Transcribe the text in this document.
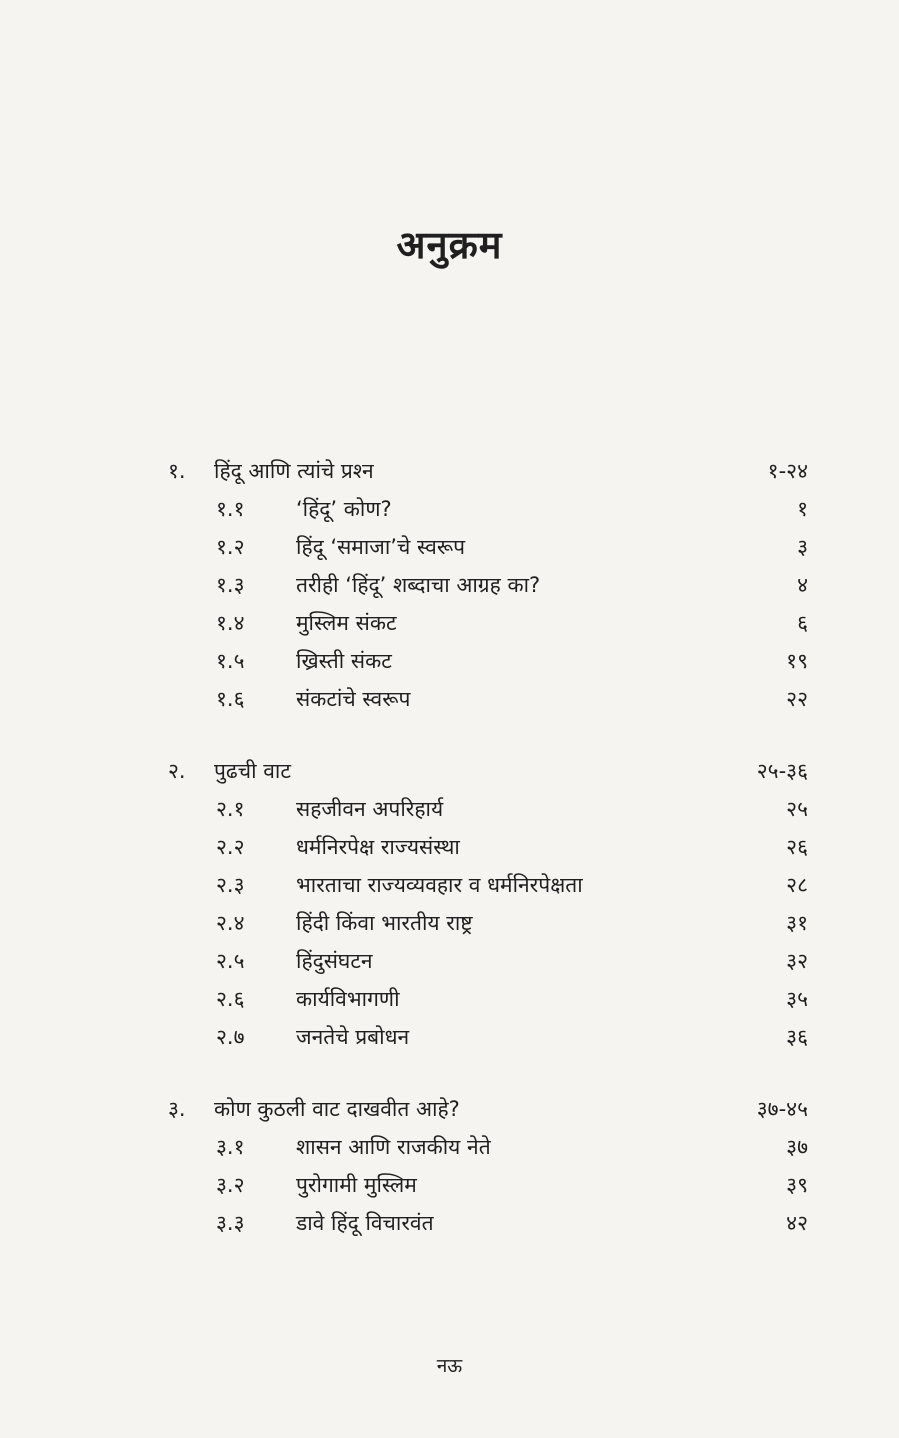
अनुक्रम
१. हिंदू आणि त्यांचे प्रश्‍न	१-२४
१.१ ‘हिंदू’ कोण?	१
१.२ हिंदू ‘समाजा’चे स्वरूप	३
१.३ तरीही ‘हिंदू’ शब्दाचा आग्रह का?	४
१.४ मुस्लिम संकट	६
१.५ ख्रिस्ती संकट	१९
१.६ संकटांचे स्वरूप	२२
२. पुढची वाट	२५-३६
२.१ सहजीवन अपरिहार्य	२५
२.२ धर्मनिरपेक्ष राज्यसंस्था	२६
२.३ भारताचा राज्यव्यवहार व धर्मनिरपेक्षता	२८
२.४ हिंदी किंवा भारतीय राष्ट्र	३१
२.५ हिंदुसंघटन	३२
२.६ कार्यविभागणी	३५
२.७ जनतेचे प्रबोधन	३६
३. कोण कुठली वाट दाखवीत आहे?	३७-४५
३.१ शासन आणि राजकीय नेते	३७
३.२ पुरोगामी मुस्लिम	३९
३.३ डावे हिंदू विचारवंत	४२
नऊ
